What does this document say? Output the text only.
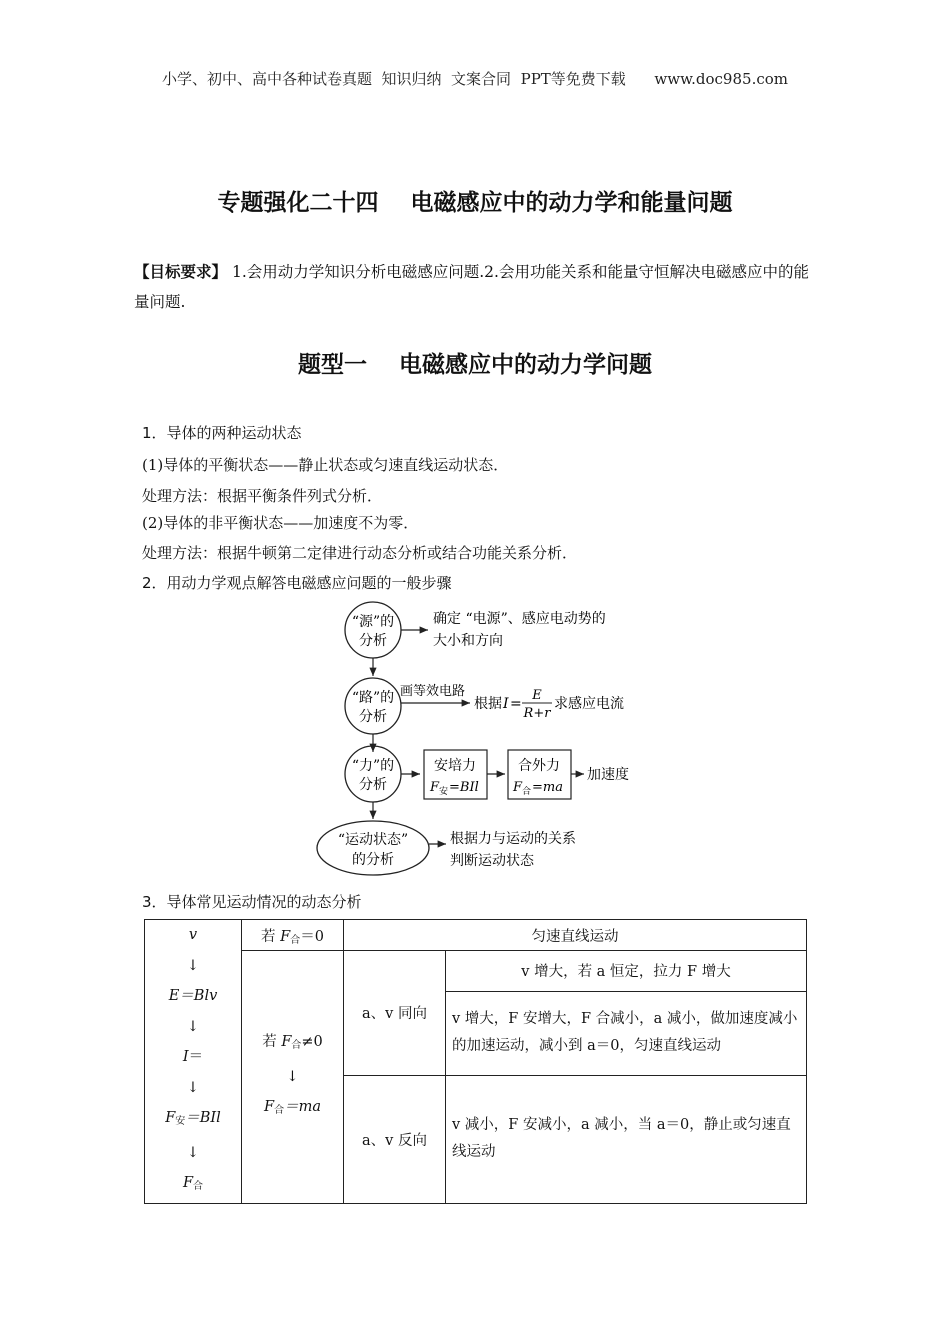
小学、初中、高中各种试卷真题  知识归纳  文案合同  PPT等免费下载      www.doc985.com
专题强化二十四    电磁感应中的动力学和能量问题
【目标要求】 1.会用动力学知识分析电磁感应问题.2.会用功能关系和能量守恒解决电磁感应中的能量问题.
题型一    电磁感应中的动力学问题
1．导体的两种运动状态
(1)导体的平衡状态——静止状态或匀速直线运动状态．
处理方法：根据平衡条件列式分析．
(2)导体的非平衡状态——加速度不为零．
处理方法：根据牛顿第二定律进行动态分析或结合功能关系分析．
2．用动力学观点解答电磁感应问题的一般步骤
“源”的
分析
确定 “电源”、感应电动势的
大小和方向
“路”的
分析
画等效电路
根据 I =
E
R+r
求感应电流
“力”的
分析
安培力
F 安 =BIl
合外力
F 合 =ma
加速度
“运动状态”
的分析
根据力与运动的关系
判断运动状态
3．导体常见运动情况的动态分析
v
↓
E＝Blv
↓
I＝
↓
$F_安=BIl$
↓
$F_合$
	若 $F_合=0$	匀速直线运动

若 $F_合\ne 0$
↓
$F_合=ma$
	a、v 同向	v 增大，若 a 恒定，拉力 F 增大
v 增大，F 安增大，F 合减小，a 减小，做加速度减小的加速运动，减小到 a＝0，匀速直线运动
a、v 反向	v 减小，F 安减小，a 减小，当 a＝0，静止或匀速直线运动
